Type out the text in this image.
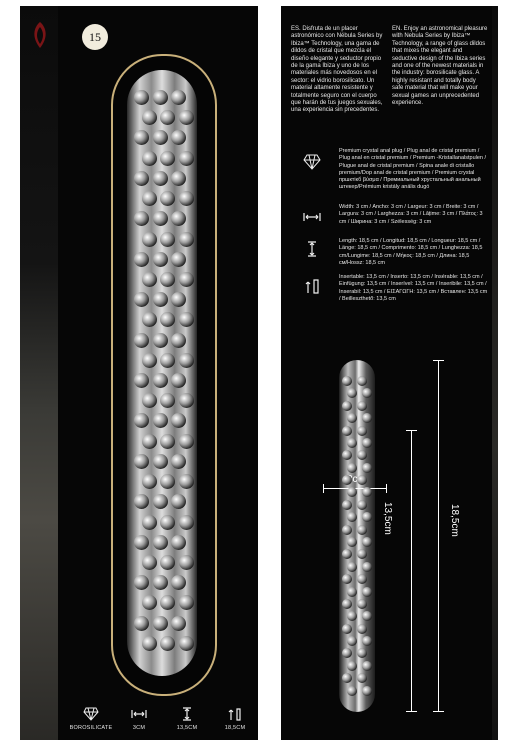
15
BOROSILICATE	3CM	13,5CM	18,5CM
ES. Disfruta de un placer astronómico con Nébula Series by Ibiza™ Technology, una gama de dildos de cristal que mezcla el diseño elegante y seductor propio de la gama Ibiza y uno de los materiales más novedosos en el sector: el vidrio borosilicato. Un material altamente resistente y totalmente seguro con el cuerpo que harán de tus juegos sexuales, una experiencia sin precedentes.
EN. Enjoy an astronomical pleasure with Nebula Series by Ibiza™ Technology, a range of glass dildos that mixes the elegant and seductive design of the Ibiza series and one of the newest materials in the industry: borosilicate glass. A highly resistant and totally body safe material that will make your sexual games an unprecedented experience.
Premium crystal anal plug / Plug anal de cristal premium / Plug anal en cristal premium / Premium -Kristallanalstpulen / Plugue anal de cristal premium / Spina anale di cristallo premium/Dop anal de cristal premium / Premium crystal пршктікб βύσμα / Премиальный хрустальный анальный штекер/Prémium kristály anális dugó
Width: 3 cm / Ancho: 3 cm / Largeur: 3 cm / Breite: 3 cm / Largura: 3 cm / Larghezza: 3 cm / Lățime: 3 cm / Πλάτος: 3 cm / Ширина: 3 cm / Szélesség: 3 cm
Length: 18,5 cm / Longitud: 18,5 cm / Longueur: 18,5 cm / Länge: 18,5 cm / Comprimento: 18,5 cm / Lunghezza: 18,5 cm/Lungime: 18,5 cm / Μήκος: 18,5 cm / Длина: 18,5 см/Hossz: 18,5 cm
Insertable: 13,5 cm / Inserto: 13,5 cm / Insérable: 13,5 cm / Einfügung: 13,5 cm / Inserível: 13,5 cm / Inseribile: 13,5 cm / Inserabil: 13,5 cm / ΕΙΣΑΓΩΓΗ: 13,5 cm / Вставлен: 13,5 cm / Beilleszthető: 13,5 cm
13,5cm	18,5cm
